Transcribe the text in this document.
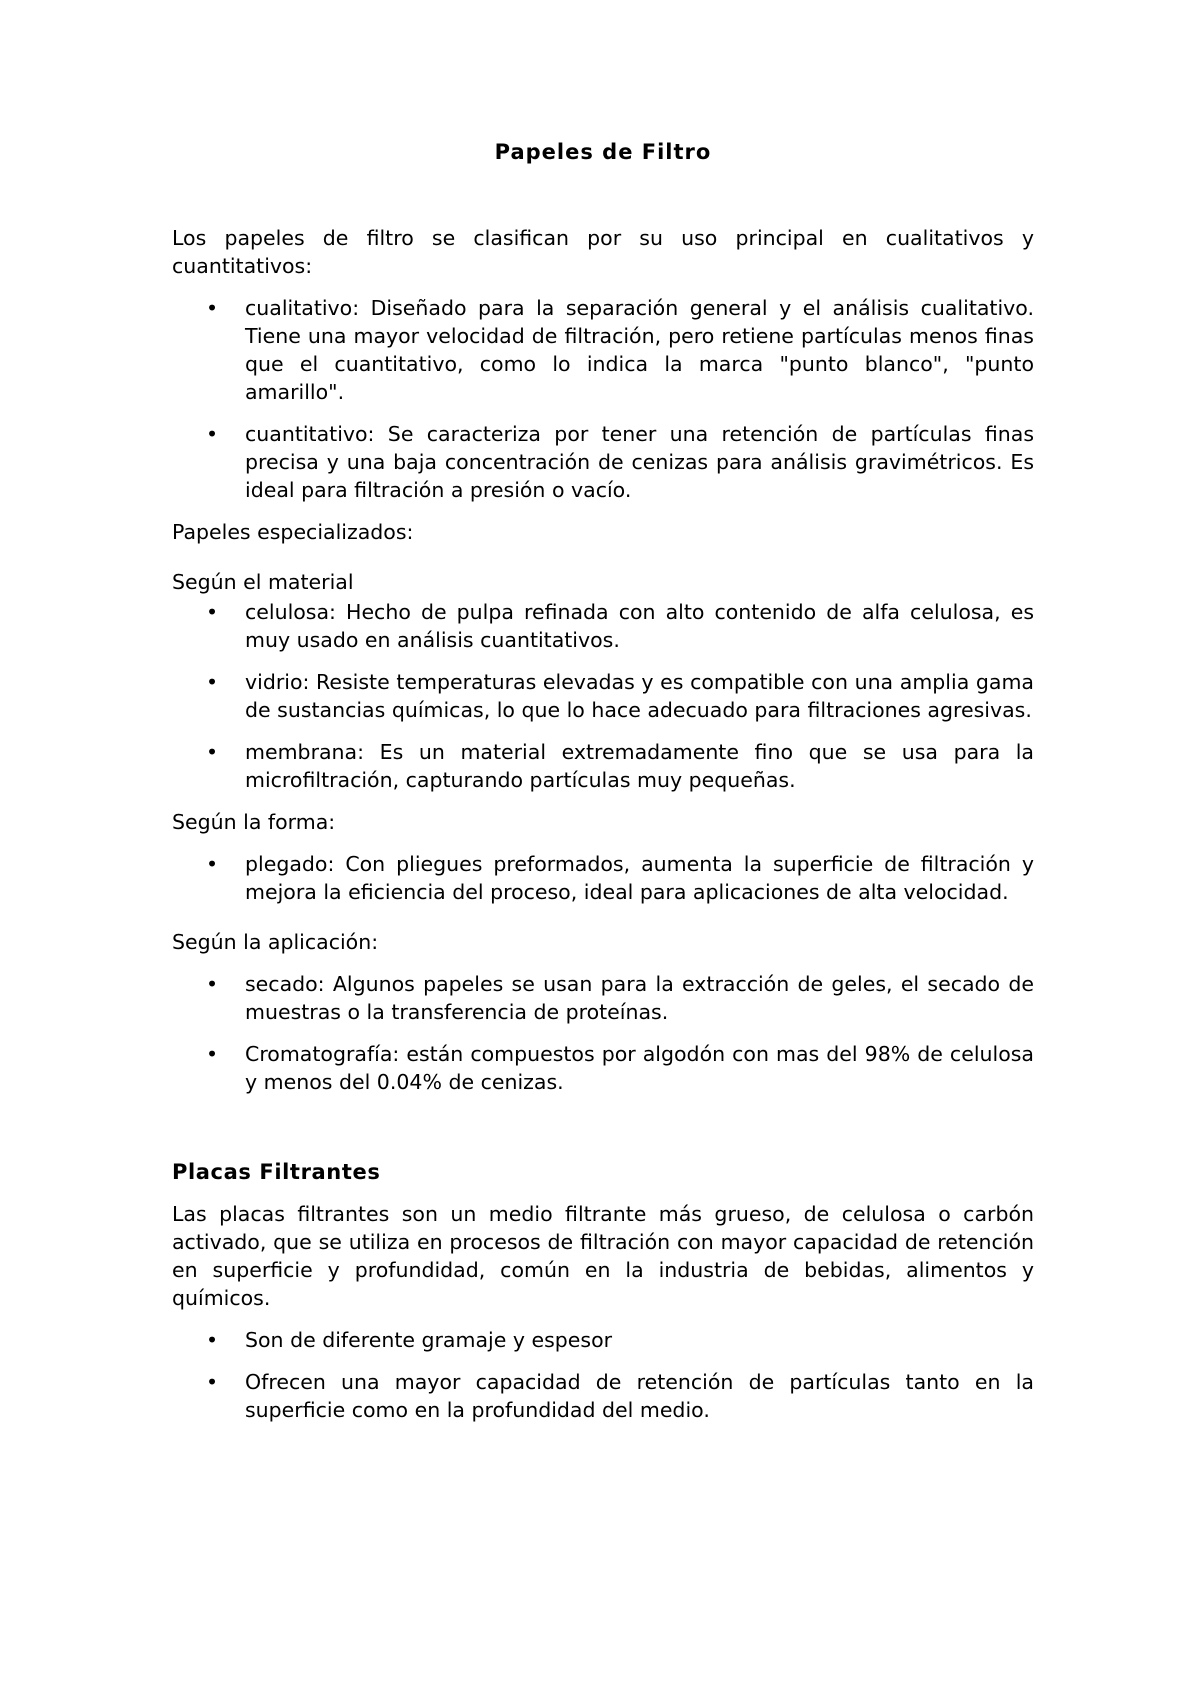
Papeles de Filtro

Los papeles de filtro se clasifican por su uso principal en cualitativos y cuantitativos:

• cualitativo: Diseñado para la separación general y el análisis cualitativo. Tiene una mayor velocidad de filtración, pero retiene partículas menos finas que el cuantitativo, como lo indica la marca "punto blanco", "punto amarillo".
• cuantitativo: Se caracteriza por tener una retención de partículas finas precisa y una baja concentración de cenizas para análisis gravimétricos. Es ideal para filtración a presión o vacío.

Papeles especializados:

Según el material

• celulosa: Hecho de pulpa refinada con alto contenido de alfa celulosa, es muy usado en análisis cuantitativos.
• vidrio: Resiste temperaturas elevadas y es compatible con una amplia gama de sustancias químicas, lo que lo hace adecuado para filtraciones agresivas.
• membrana: Es un material extremadamente fino que se usa para la microfiltración, capturando partículas muy pequeñas.

Según la forma:

• plegado: Con pliegues preformados, aumenta la superficie de filtración y mejora la eficiencia del proceso, ideal para aplicaciones de alta velocidad.

Según la aplicación:

• secado: Algunos papeles se usan para la extracción de geles, el secado de muestras o la transferencia de proteínas.
• Cromatografía: están compuestos por algodón con mas del 98% de celulosa y menos del 0.04% de cenizas.
Placas Filtrantes

Las placas filtrantes son un medio filtrante más grueso, de celulosa o carbón activado, que se utiliza en procesos de filtración con mayor capacidad de retención en superficie y profundidad, común en la industria de bebidas, alimentos y químicos.

• Son de diferente gramaje y espesor
• Ofrecen una mayor capacidad de retención de partículas tanto en la superficie como en la profundidad del medio.
